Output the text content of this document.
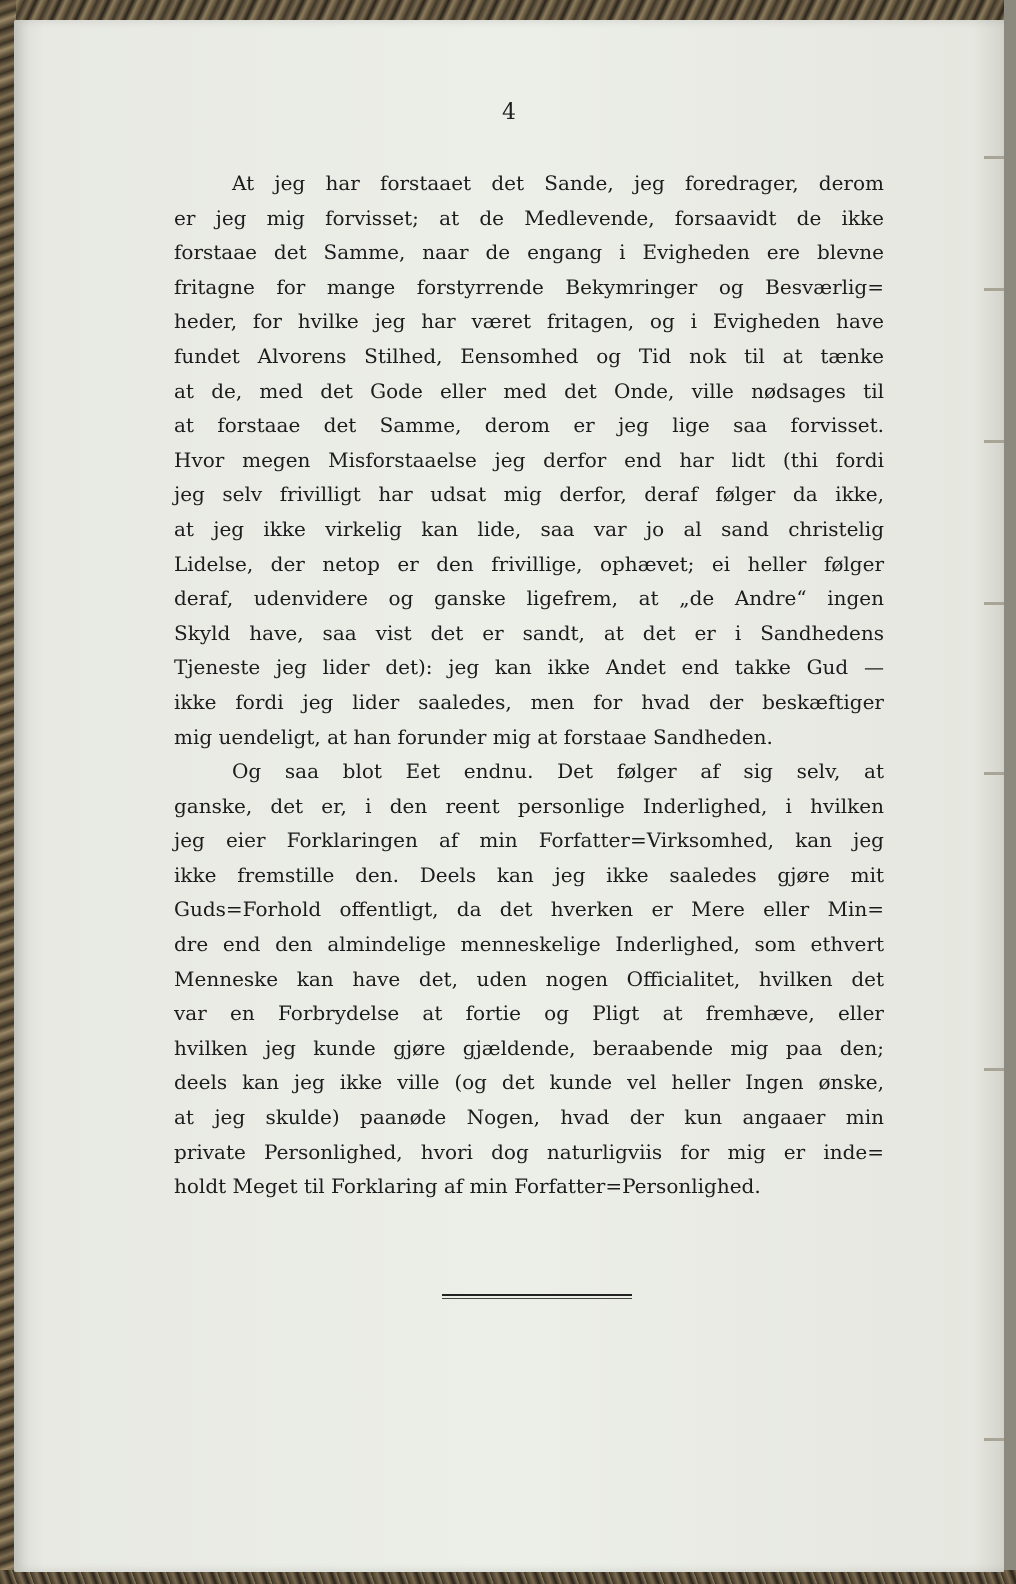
4
At jeg har forstaaet det Sande, jeg foredrager, derom
er jeg mig forvisset; at de Medlevende, forsaavidt de ikke
forstaae det Samme, naar de engang i Evigheden ere blevne
fritagne for mange forstyrrende Bekymringer og Besværlig=
heder, for hvilke jeg har været fritagen, og i Evigheden have
fundet Alvorens Stilhed, Eensomhed og Tid nok til at tænke
at de, med det Gode eller med det Onde, ville nødsages til
at forstaae det Samme, derom er jeg lige saa forvisset.
Hvor megen Misforstaaelse jeg derfor end har lidt (thi fordi
jeg selv frivilligt har udsat mig derfor, deraf følger da ikke,
at jeg ikke virkelig kan lide, saa var jo al sand christelig
Lidelse, der netop er den frivillige, ophævet; ei heller følger
deraf, udenvidere og ganske ligefrem, at „de Andre“ ingen
Skyld have, saa vist det er sandt, at det er i Sandhedens
Tjeneste jeg lider det): jeg kan ikke Andet end takke Gud —
ikke fordi jeg lider saaledes, men for hvad der beskæftiger
mig uendeligt, at han forunder mig at forstaae Sandheden.
Og saa blot Eet endnu. Det følger af sig selv, at
ganske, det er, i den reent personlige Inderlighed, i hvilken
jeg eier Forklaringen af min Forfatter=Virksomhed, kan jeg
ikke fremstille den. Deels kan jeg ikke saaledes gjøre mit
Guds=Forhold offentligt, da det hverken er Mere eller Min=
dre end den almindelige menneskelige Inderlighed, som ethvert
Menneske kan have det, uden nogen Officialitet, hvilken det
var en Forbrydelse at fortie og Pligt at fremhæve, eller
hvilken jeg kunde gjøre gjældende, beraabende mig paa den;
deels kan jeg ikke ville (og det kunde vel heller Ingen ønske,
at jeg skulde) paanøde Nogen, hvad der kun angaaer min
private Personlighed, hvori dog naturligviis for mig er inde=
holdt Meget til Forklaring af min Forfatter=Personlighed.
